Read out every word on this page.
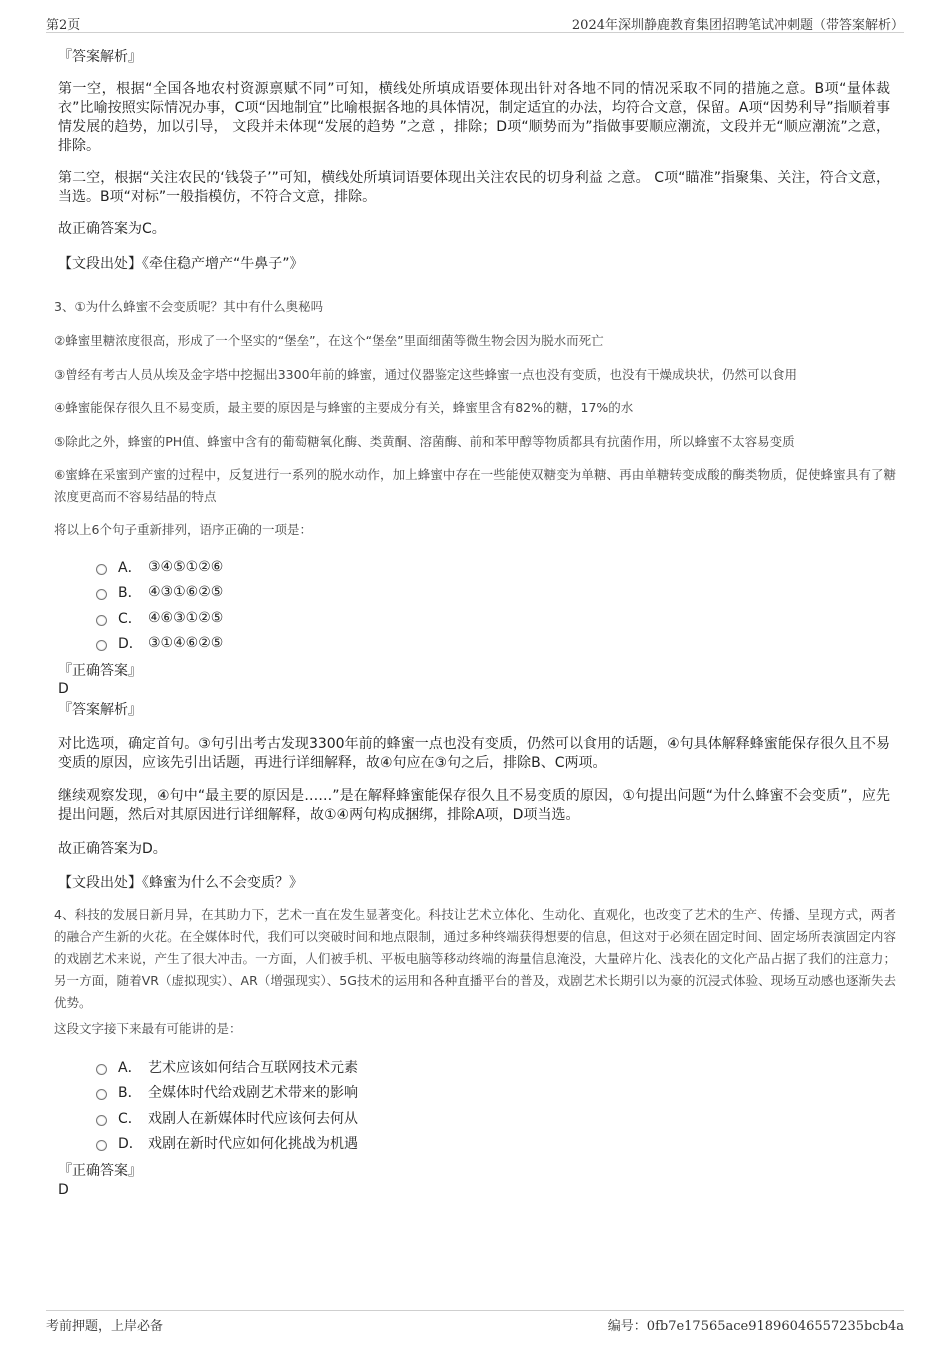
第2页	2024年深圳静鹿教育集团招聘笔试冲刺题（带答案解析）
『答案解析』
第一空，根据“全国各地农村资源禀赋不同”可知，横线处所填成语要体现出针对各地不同的情况采取不同的措施之意。B项“量体裁衣”比喻按照实际情况办事，C项“因地制宜”比喻根据各地的具体情况，制定适宜的办法，均符合文意，保留。A项“因势利导”指顺着事情发展的趋势，加以引导， 文段并未体现“发展的趋势 ”之意 ，排除；D项“顺势而为”指做事要顺应潮流，文段并无“顺应潮流”之意，排除。
第二空，根据“关注农民的‘钱袋子’”可知，横线处所填词语要体现出关注农民的切身利益 之意。 C项“瞄准”指聚集、关注，符合文意，当选。B项“对标”一般指模仿，不符合文意，排除。
故正确答案为C。
【文段出处】《牵住稳产增产“牛鼻子”》
3、①为什么蜂蜜不会变质呢？其中有什么奥秘吗
②蜂蜜里糖浓度很高，形成了一个坚实的“堡垒”，在这个“堡垒”里面细菌等微生物会因为脱水而死亡
③曾经有考古人员从埃及金字塔中挖掘出3300年前的蜂蜜，通过仪器鉴定这些蜂蜜一点也没有变质，也没有干燥成块状，仍然可以食用
④蜂蜜能保存很久且不易变质，最主要的原因是与蜂蜜的主要成分有关，蜂蜜里含有82%的糖，17%的水
⑤除此之外，蜂蜜的PH值、蜂蜜中含有的葡萄糖氧化酶、类黄酮、溶菌酶、前和苯甲醇等物质都具有抗菌作用，所以蜂蜜不太容易变质
⑥蜜蜂在采蜜到产蜜的过程中，反复进行一系列的脱水动作，加上蜂蜜中存在一些能使双糖变为单糖、再由单糖转变成酸的酶类物质，促使蜂蜜具有了糖浓度更高而不容易结晶的特点
将以上6个句子重新排列，语序正确的一项是：
A． ③④⑤①②⑥
B． ④③①⑥②⑤
C． ④⑥③①②⑤
D． ③①④⑥②⑤
『正确答案』
D
『答案解析』
对比选项，确定首句。③句引出考古发现3300年前的蜂蜜一点也没有变质，仍然可以食用的话题，④句具体解释蜂蜜能保存很久且不易变质的原因，应该先引出话题，再进行详细解释，故④句应在③句之后，排除B、C两项。
继续观察发现，④句中“最主要的原因是……”是在解释蜂蜜能保存很久且不易变质的原因，①句提出问题“为什么蜂蜜不会变质”，应先提出问题，然后对其原因进行详细解释，故①④两句构成捆绑，排除A项，D项当选。
故正确答案为D。
【文段出处】《蜂蜜为什么不会变质？》
4、科技的发展日新月异，在其助力下，艺术一直在发生显著变化。科技让艺术立体化、生动化、直观化，也改变了艺术的生产、传播、呈现方式，两者的融合产生新的火花。在全媒体时代，我们可以突破时间和地点限制，通过多种终端获得想要的信息，但这对于必须在固定时间、固定场所表演固定内容的戏剧艺术来说，产生了很大冲击。一方面，人们被手机、平板电脑等移动终端的海量信息淹没，大量碎片化、浅表化的文化产品占据了我们的注意力；另一方面，随着VR（虚拟现实）、AR（增强现实）、5G技术的运用和各种直播平台的普及，戏剧艺术长期引以为豪的沉浸式体验、现场互动感也逐渐失去优势。
这段文字接下来最有可能讲的是：
A． 艺术应该如何结合互联网技术元素
B． 全媒体时代给戏剧艺术带来的影响
C． 戏剧人在新媒体时代应该何去何从
D． 戏剧在新时代应如何化挑战为机遇
『正确答案』
D
考前押题，上岸必备	编号：0fb7e17565ace91896046557235bcb4a
